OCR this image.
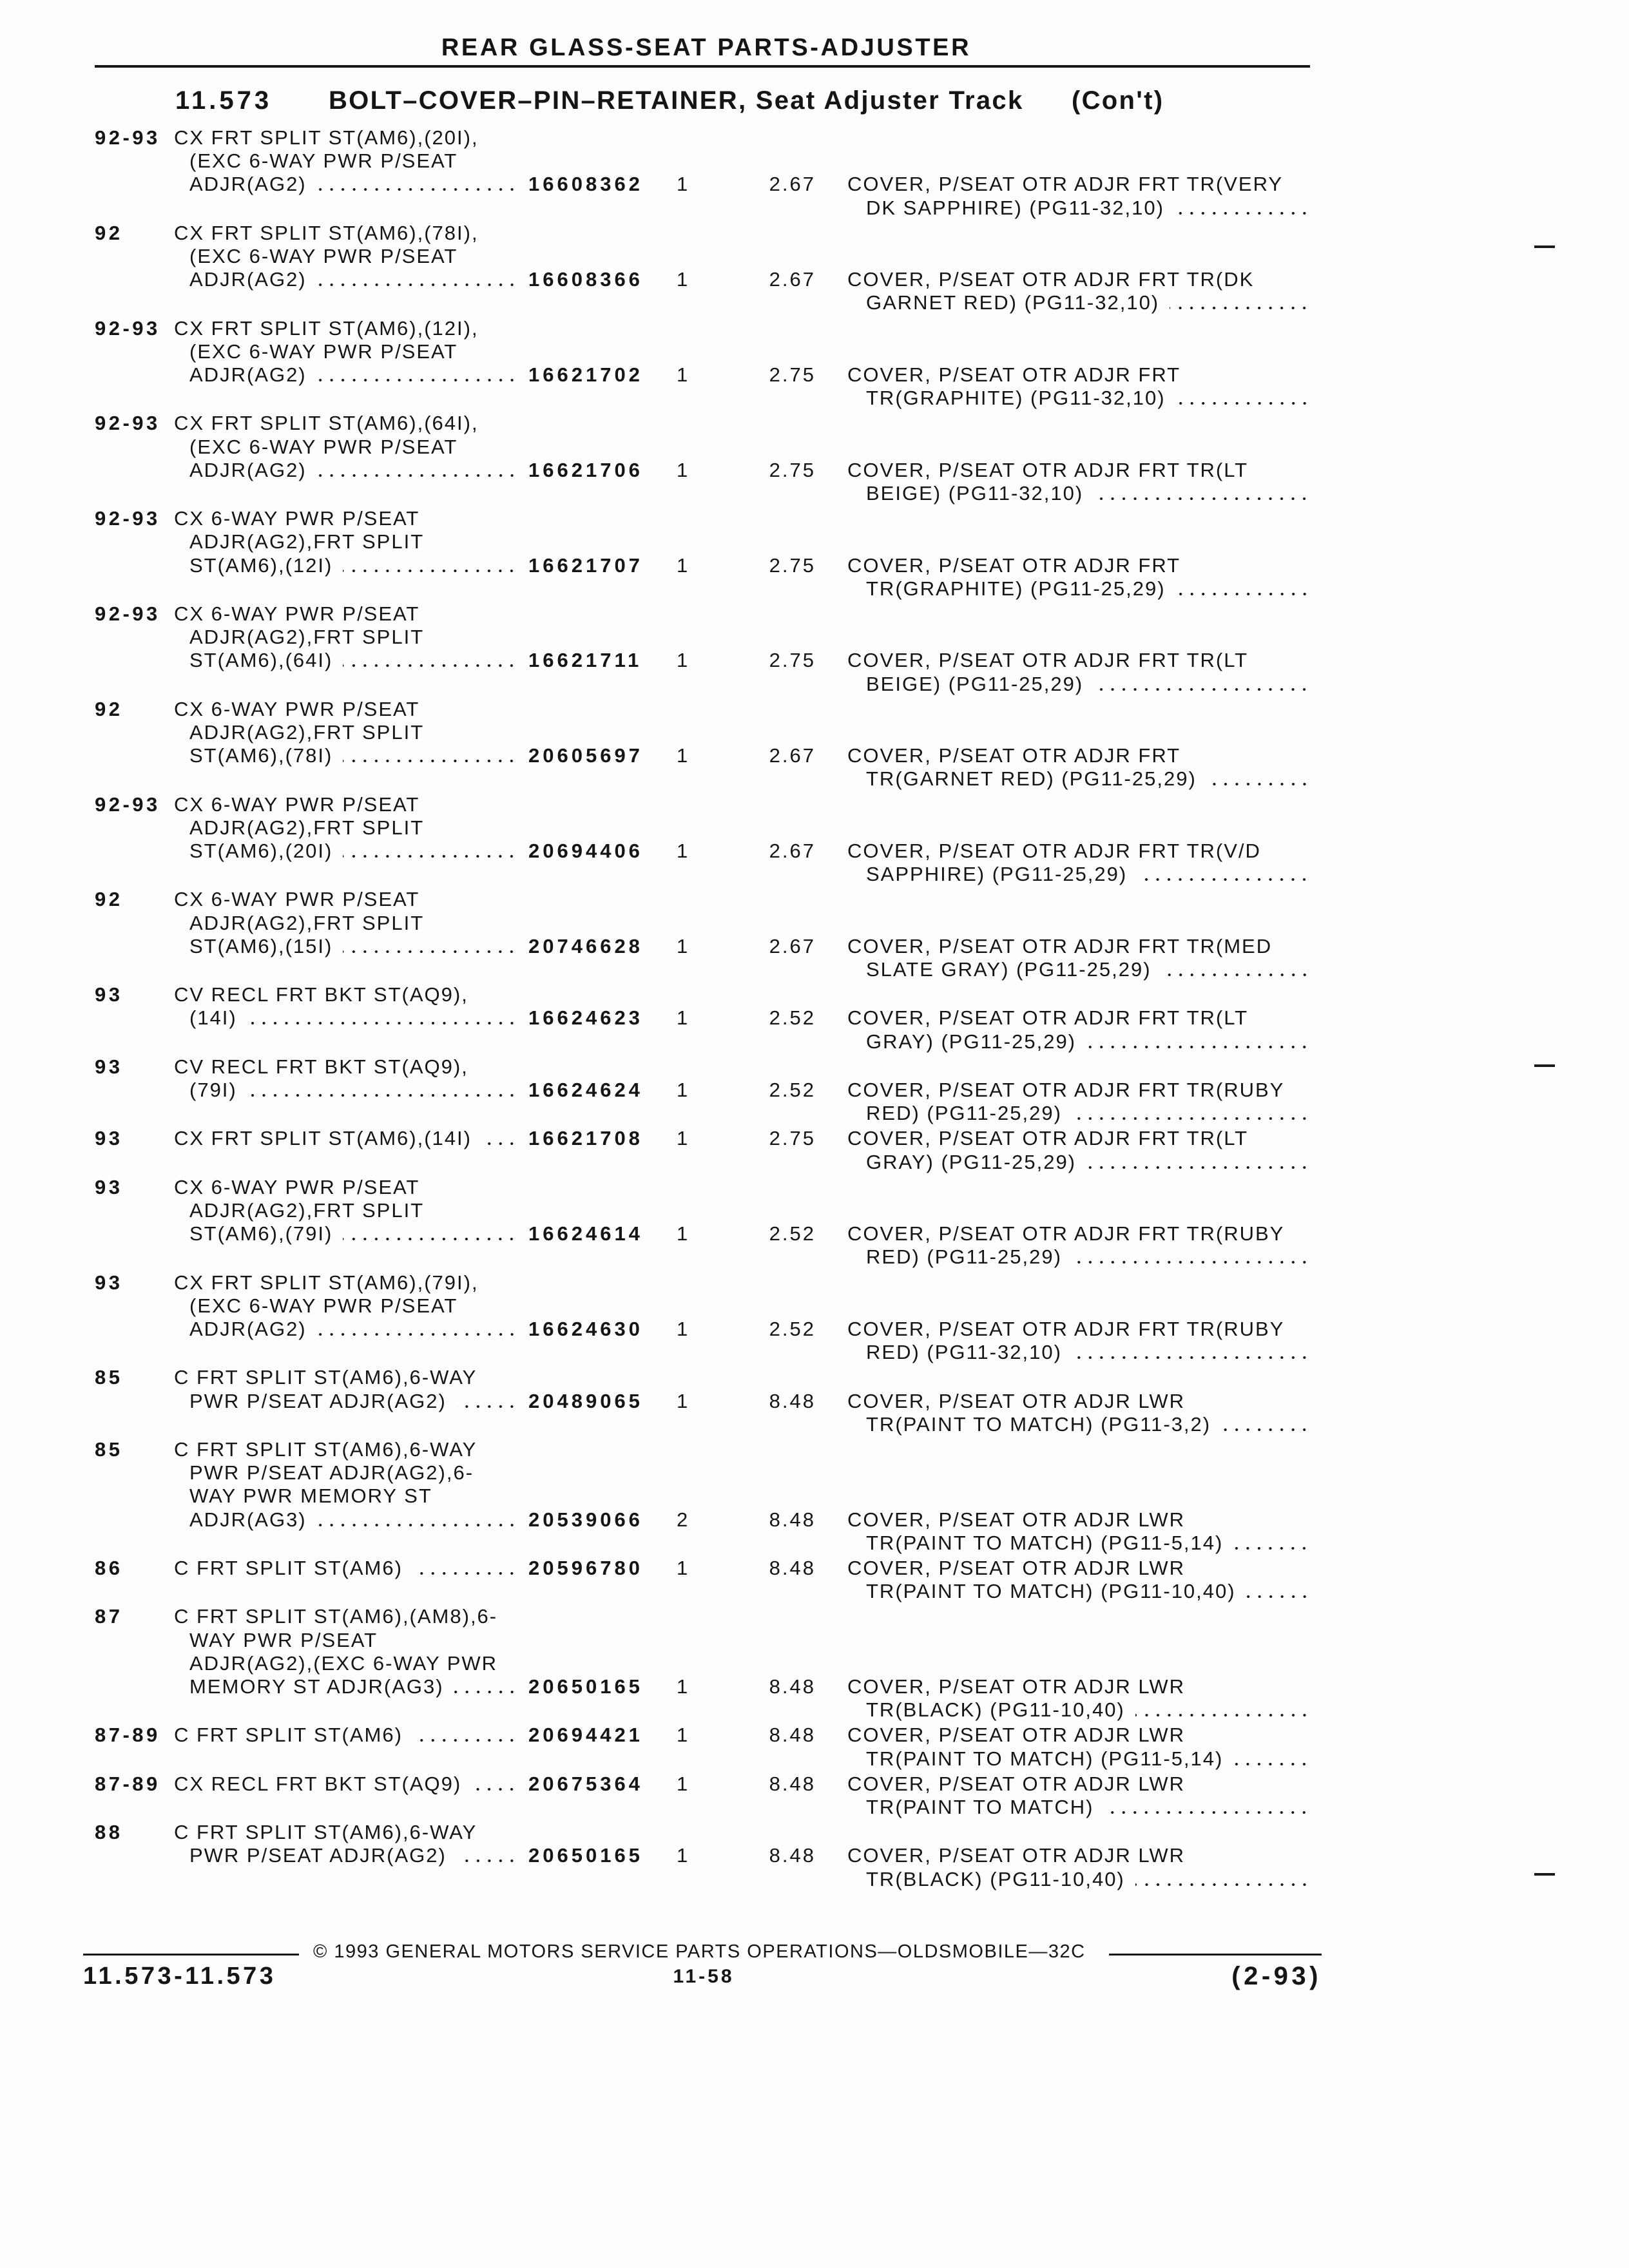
REAR GLASS-SEAT PARTS-ADJUSTER
11.573 BOLT–COVER–PIN–RETAINER, Seat Adjuster Track (Con't)
92-93 CX FRT SPLIT ST(AM6),(20I),
(EXC 6-WAY PWR P/SEAT
ADJR(AG2)	16608362 1	2.67 COVER, P/SEAT OTR ADJR FRT TR(VERY
DK SAPPHIRE) (PG11-32,10)
92	CX FRT SPLIT ST(AM6),(78I),
(EXC 6-WAY PWR P/SEAT
ADJR(AG2)	16608366 1	2.67 COVER, P/SEAT OTR ADJR FRT TR(DK
GARNET RED) (PG11-32,10)
92-93 CX FRT SPLIT ST(AM6),(12I),
(EXC 6-WAY PWR P/SEAT
ADJR(AG2)	16621702 1	2.75 COVER, P/SEAT OTR ADJR FRT
TR(GRAPHITE) (PG11-32,10)
92-93 CX FRT SPLIT ST(AM6),(64I),
(EXC 6-WAY PWR P/SEAT
ADJR(AG2)	16621706 1	2.75 COVER, P/SEAT OTR ADJR FRT TR(LT
BEIGE) (PG11-32,10)
92-93 CX 6-WAY PWR P/SEAT
ADJR(AG2),FRT SPLIT
ST(AM6),(12I)	16621707 1	2.75 COVER, P/SEAT OTR ADJR FRT
TR(GRAPHITE) (PG11-25,29)
92-93 CX 6-WAY PWR P/SEAT
ADJR(AG2),FRT SPLIT
ST(AM6),(64I)	16621711 1	2.75 COVER, P/SEAT OTR ADJR FRT TR(LT
BEIGE) (PG11-25,29)
92	CX 6-WAY PWR P/SEAT
ADJR(AG2),FRT SPLIT
ST(AM6),(78I)	20605697 1	2.67 COVER, P/SEAT OTR ADJR FRT
TR(GARNET RED) (PG11-25,29)
92-93 CX 6-WAY PWR P/SEAT
ADJR(AG2),FRT SPLIT
ST(AM6),(20I)	20694406 1	2.67 COVER, P/SEAT OTR ADJR FRT TR(V/D
SAPPHIRE) (PG11-25,29)
92	CX 6-WAY PWR P/SEAT
ADJR(AG2),FRT SPLIT
ST(AM6),(15I)	20746628 1	2.67 COVER, P/SEAT OTR ADJR FRT TR(MED
SLATE GRAY) (PG11-25,29)
93	CV RECL FRT BKT ST(AQ9),
(14I)	16624623 1	2.52 COVER, P/SEAT OTR ADJR FRT TR(LT
GRAY) (PG11-25,29)
93	CV RECL FRT BKT ST(AQ9),
(79I)	16624624 1	2.52 COVER, P/SEAT OTR ADJR FRT TR(RUBY
RED) (PG11-25,29)
93	CX FRT SPLIT ST(AM6),(14I)	16621708 1	2.75 COVER, P/SEAT OTR ADJR FRT TR(LT
GRAY) (PG11-25,29)
93	CX 6-WAY PWR P/SEAT
ADJR(AG2),FRT SPLIT
ST(AM6),(79I)	16624614 1	2.52 COVER, P/SEAT OTR ADJR FRT TR(RUBY
RED) (PG11-25,29)
93	CX FRT SPLIT ST(AM6),(79I),
(EXC 6-WAY PWR P/SEAT
ADJR(AG2)	16624630 1	2.52 COVER, P/SEAT OTR ADJR FRT TR(RUBY
RED) (PG11-32,10)
85	C FRT SPLIT ST(AM6),6-WAY
PWR P/SEAT ADJR(AG2)	20489065 1	8.48 COVER, P/SEAT OTR ADJR LWR
TR(PAINT TO MATCH) (PG11-3,2)
85	C FRT SPLIT ST(AM6),6-WAY
PWR P/SEAT ADJR(AG2),6-
WAY PWR MEMORY ST
ADJR(AG3)	20539066 2	8.48 COVER, P/SEAT OTR ADJR LWR
TR(PAINT TO MATCH) (PG11-5,14)
86	C FRT SPLIT ST(AM6)	20596780 1	8.48 COVER, P/SEAT OTR ADJR LWR
TR(PAINT TO MATCH) (PG11-10,40)
87	C FRT SPLIT ST(AM6),(AM8),6-
WAY PWR P/SEAT
ADJR(AG2),(EXC 6-WAY PWR
MEMORY ST ADJR(AG3)	20650165 1	8.48 COVER, P/SEAT OTR ADJR LWR
TR(BLACK) (PG11-10,40)
87-89 C FRT SPLIT ST(AM6)	20694421 1	8.48 COVER, P/SEAT OTR ADJR LWR
TR(PAINT TO MATCH) (PG11-5,14)
87-89 CX RECL FRT BKT ST(AQ9)	20675364 1	8.48 COVER, P/SEAT OTR ADJR LWR
TR(PAINT TO MATCH)
88	C FRT SPLIT ST(AM6),6-WAY
PWR P/SEAT ADJR(AG2)	20650165 1	8.48 COVER, P/SEAT OTR ADJR LWR
TR(BLACK) (PG11-10,40)
© 1993 GENERAL MOTORS SERVICE PARTS OPERATIONS—OLDSMOBILE—32C
11.573-11.573	11-58	(2-93)
